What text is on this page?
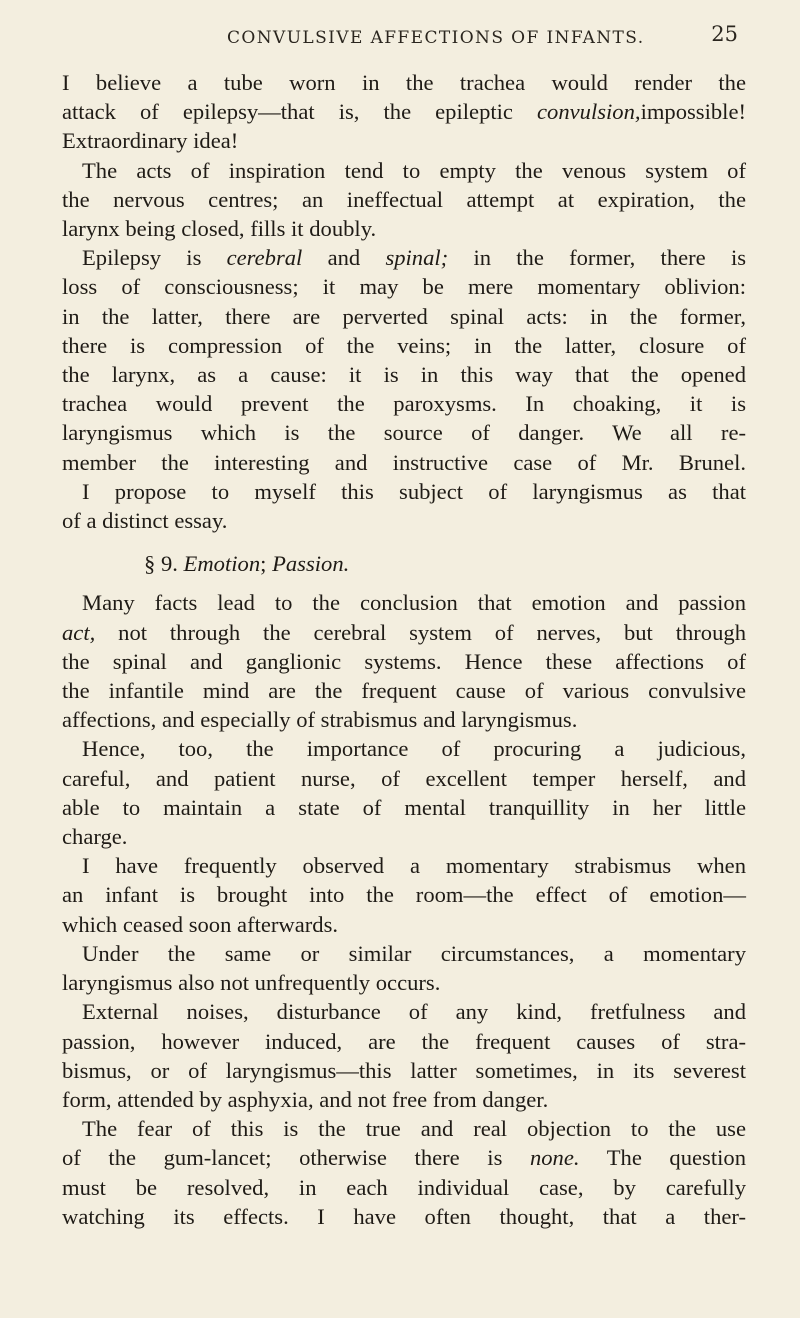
CONVULSIVE AFFECTIONS OF INFANTS.	25
I believe a tube worn in the trachea would render the
attack of epilepsy—that is, the epileptic convulsion,impossible!
Extraordinary idea!
The acts of inspiration tend to empty the venous system of
the nervous centres; an ineffectual attempt at expiration, the
larynx being closed, fills it doubly.
Epilepsy is cerebral and spinal; in the former, there is
loss of consciousness; it may be mere momentary oblivion:
in the latter, there are perverted spinal acts: in the former,
there is compression of the veins; in the latter, closure of
the larynx, as a cause: it is in this way that the opened
trachea would prevent the paroxysms. In choaking, it is
laryngismus which is the source of danger. We all re-
member the interesting and instructive case of Mr. Brunel.
I propose to myself this subject of laryngismus as that
of a distinct essay.
§ 9. Emotion; Passion.
Many facts lead to the conclusion that emotion and passion
act, not through the cerebral system of nerves, but through
the spinal and ganglionic systems. Hence these affections of
the infantile mind are the frequent cause of various convulsive
affections, and especially of strabismus and laryngismus.
Hence, too, the importance of procuring a judicious,
careful, and patient nurse, of excellent temper herself, and
able to maintain a state of mental tranquillity in her little
charge.
I have frequently observed a momentary strabismus when
an infant is brought into the room—the effect of emotion—
which ceased soon afterwards.
Under the same or similar circumstances, a momentary
laryngismus also not unfrequently occurs.
External noises, disturbance of any kind, fretfulness and
passion, however induced, are the frequent causes of stra-
bismus, or of laryngismus—this latter sometimes, in its severest
form, attended by asphyxia, and not free from danger.
The fear of this is the true and real objection to the use
of the gum-lancet; otherwise there is none. The question
must be resolved, in each individual case, by carefully
watching its effects. I have often thought, that a ther-
